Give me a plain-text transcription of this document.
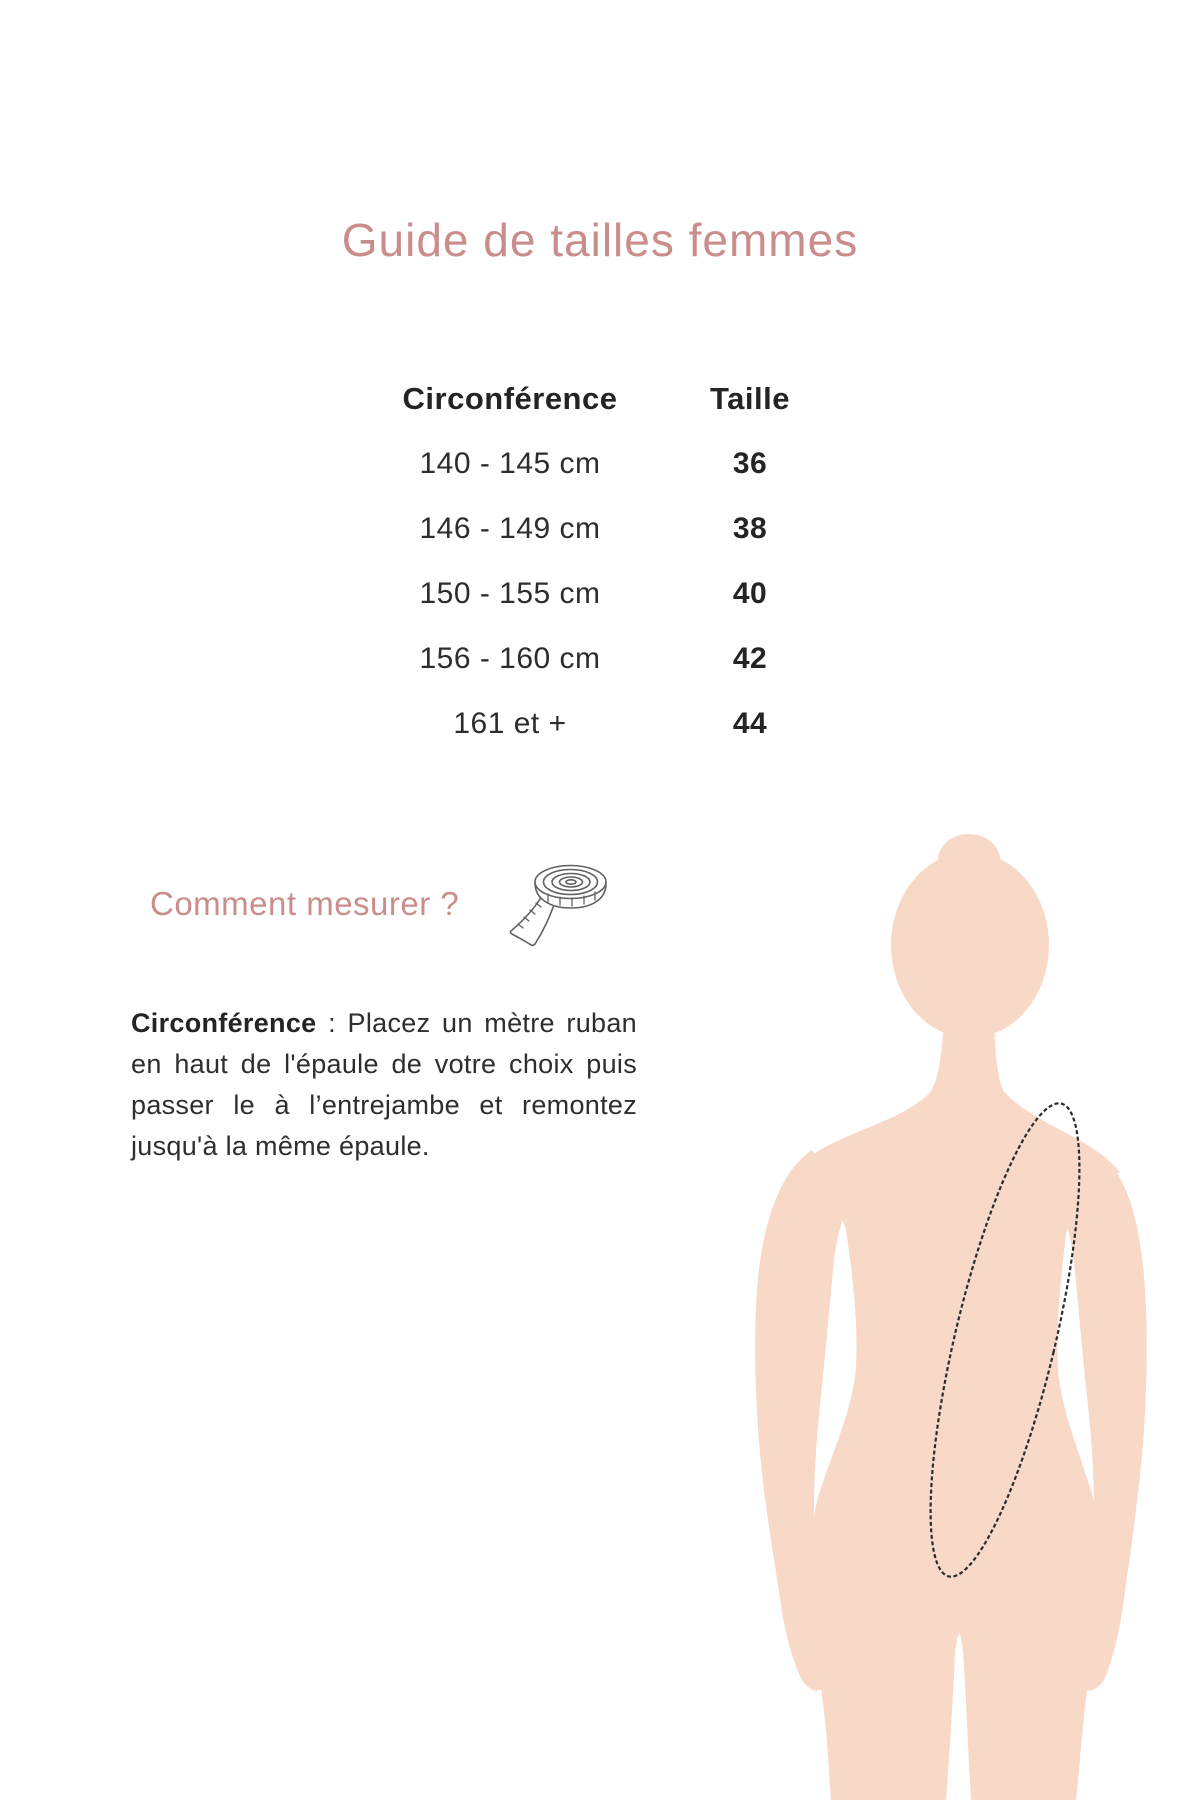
Guide de tailles femmes
Circonférence	Taille
140 - 145 cm	36
146 - 149 cm	38
150 - 155 cm	40
156 - 160 cm	42
161 et +	44
Comment mesurer ?

Circonférence : Placez un mètre ruban en haut de l'épaule de votre choix puis passer le à l’entrejambe et remontez jusqu'à la même épaule.
